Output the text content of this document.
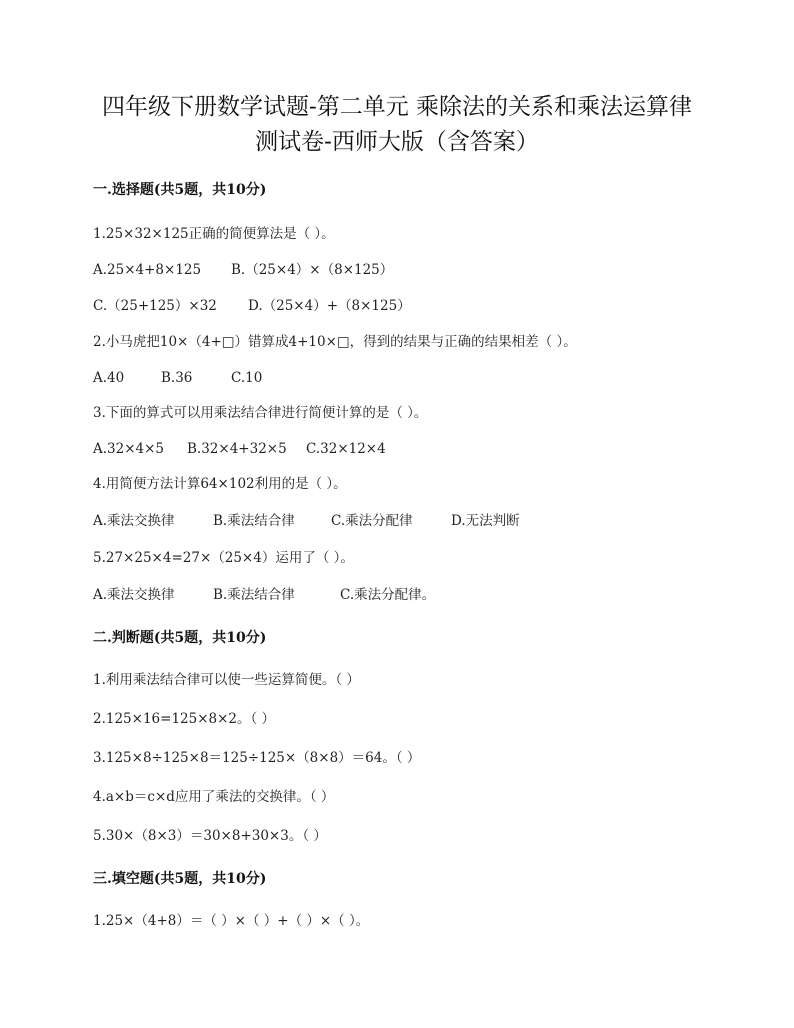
四年级下册数学试题-第二单元 乘除法的关系和乘法运算律
测试卷-西师大版（含答案）
一.选择题(共5题，共10分)
1.25×32×125正确的简便算法是（ ）。
A.25×4+8×125 B.（25×4）×（8×125）
C.（25+125）×32 D.（25×4）+（8×125）
2.小马虎把10×（4+□）错算成4+10×□，得到的结果与正确的结果相差（ ）。
A.40	B.36	C.10
3.下面的算式可以用乘法结合律进行简便计算的是（ ）。
A.32×4×5 B.32×4+32×5 C.32×12×4
4.用简便方法计算64×102利用的是（ ）。
A.乘法交换律	B.乘法结合律	C.乘法分配律	D.无法判断
5.27×25×4=27×（25×4）运用了（ ）。
A.乘法交换律	B.乘法结合律	C.乘法分配律。
二.判断题(共5题，共10分)
1.利用乘法结合律可以使一些运算简便。（ ）
2.125×16=125×8×2。（ ）
3.125×8÷125×8＝125÷125×（8×8）＝64。（ ）
4.a×b＝c×d应用了乘法的交换律。（ ）
5.30×（8×3）＝30×8+30×3。（ ）
三.填空题(共5题，共10分)
1.25×（4+8）＝（ ）×（ ）+（ ）×（ ）。
